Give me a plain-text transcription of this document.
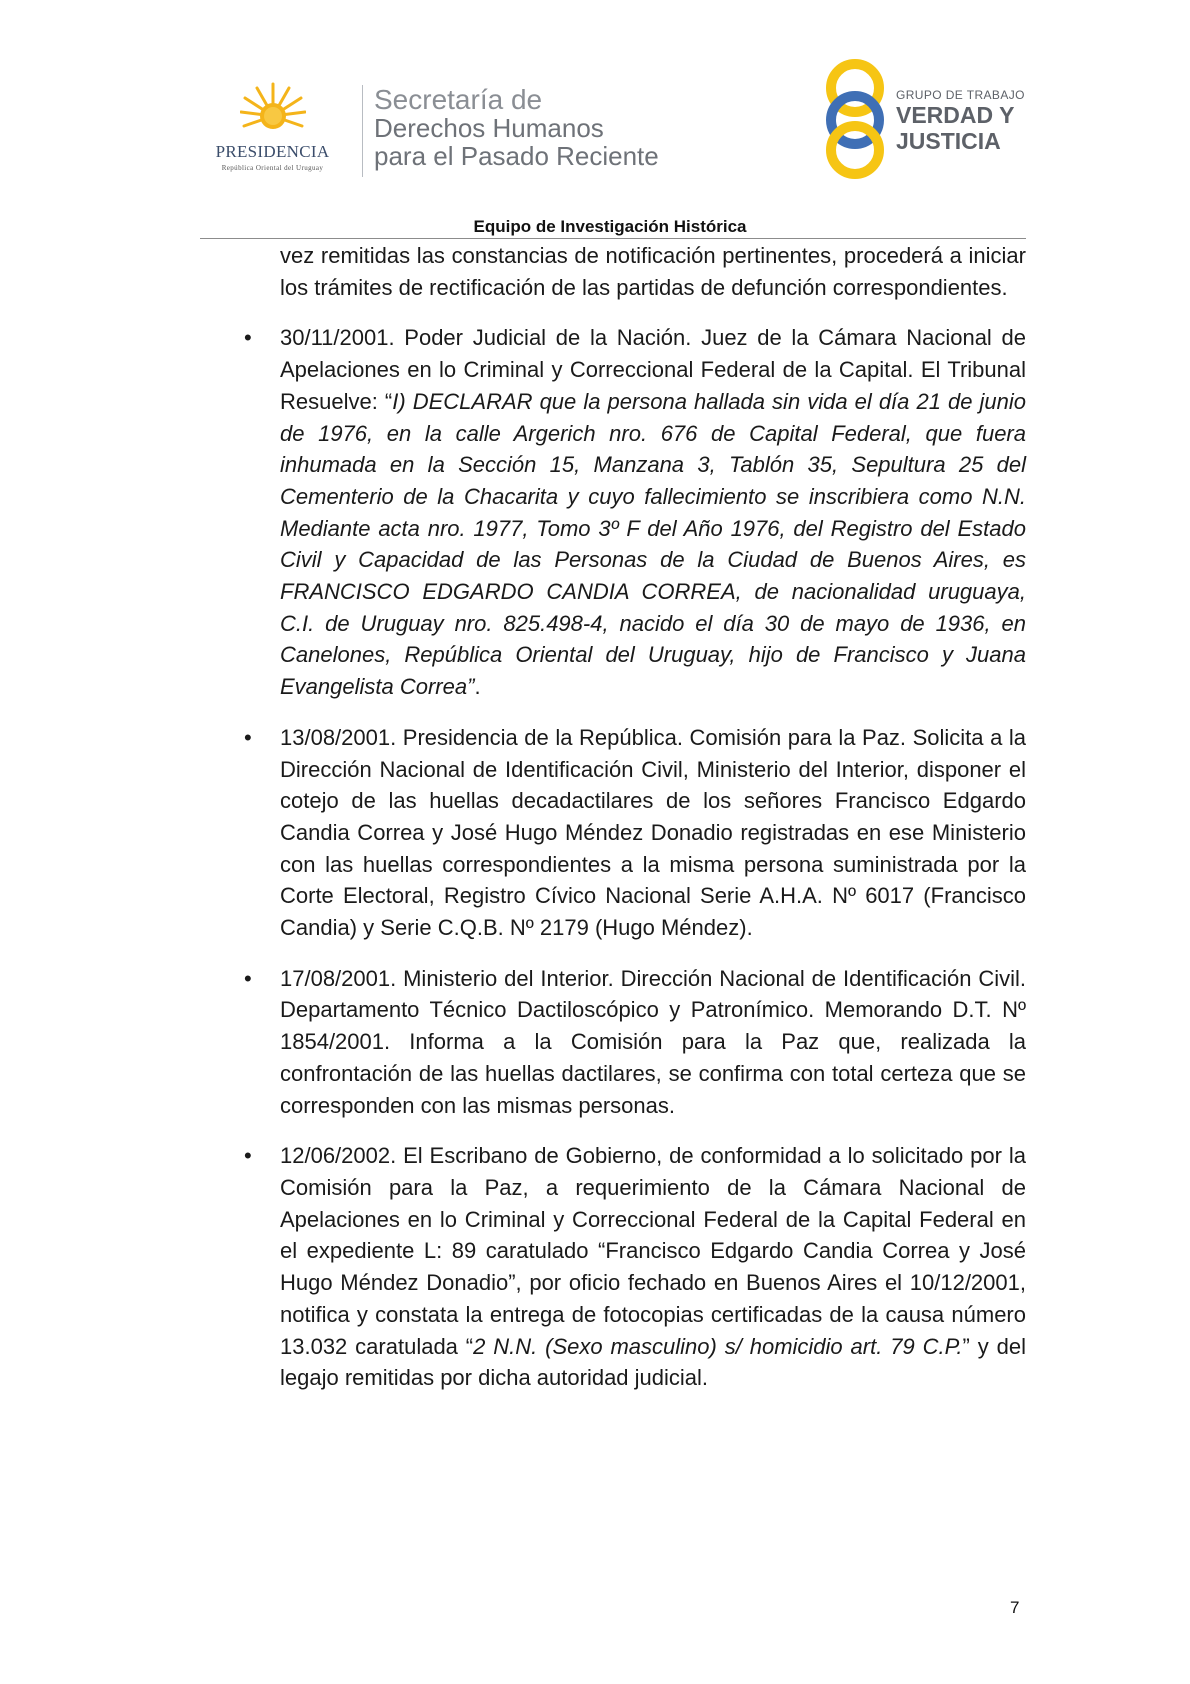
PRESIDENCIA
República Oriental del Uruguay
Secretaría de
Derechos Humanos
para el Pasado Reciente
GRUPO DE TRABAJO
VERDAD Y
JUSTICIA
Equipo de Investigación Histórica

vez remitidas las constancias de notificación pertinentes, procederá a iniciar los trámites de rectificación de las partidas de defunción correspondientes.

• 30/11/2001. Poder Judicial de la Nación. Juez de la Cámara Nacional de Apelaciones en lo Criminal y Correccional Federal de la Capital. El Tribunal Resuelve: “I) DECLARAR que la persona hallada sin vida el día 21 de junio de 1976, en la calle Argerich nro. 676 de Capital Federal, que fuera inhumada en la Sección 15, Manzana 3, Tablón 35, Sepultura 25 del Cementerio de la Chacarita y cuyo fallecimiento se inscribiera como N.N. Mediante acta nro. 1977, Tomo 3º F del Año 1976, del Registro del Estado Civil y Capacidad de las Personas de la Ciudad de Buenos Aires, es FRANCISCO EDGARDO CANDIA CORREA, de nacionalidad uruguaya, C.I. de Uruguay nro. 825.498-4, nacido el día 30 de mayo de 1936, en Canelones, República Oriental del Uruguay, hijo de Francisco y Juana Evangelista Correa”.

• 13/08/2001. Presidencia de la República. Comisión para la Paz. Solicita a la Dirección Nacional de Identificación Civil, Ministerio del Interior, disponer el cotejo de las huellas decadactilares de los señores Francisco Edgardo Candia Correa y José Hugo Méndez Donadio registradas en ese Ministerio con las huellas correspondientes a la misma persona suministrada por la Corte Electoral, Registro Cívico Nacional Serie A.H.A. Nº 6017 (Francisco Candia) y Serie C.Q.B. Nº 2179 (Hugo Méndez).

• 17/08/2001. Ministerio del Interior. Dirección Nacional de Identificación Civil. Departamento Técnico Dactiloscópico y Patronímico. Memorando D.T. Nº 1854/2001. Informa a la Comisión para la Paz que, realizada la confrontación de las huellas dactilares, se confirma con total certeza que se corresponden con las mismas personas.

• 12/06/2002. El Escribano de Gobierno, de conformidad a lo solicitado por la Comisión para la Paz, a requerimiento de la Cámara Nacional de Apelaciones en lo Criminal y Correccional Federal de la Capital Federal en el expediente L: 89 caratulado “Francisco Edgardo Candia Correa y José Hugo Méndez Donadio”, por oficio fechado en Buenos Aires el 10/12/2001, notifica y constata la entrega de fotocopias certificadas de la causa número 13.032 caratulada “2 N.N. (Sexo masculino) s/ homicidio art. 79 C.P.” y del legajo remitidas por dicha autoridad judicial.

7
